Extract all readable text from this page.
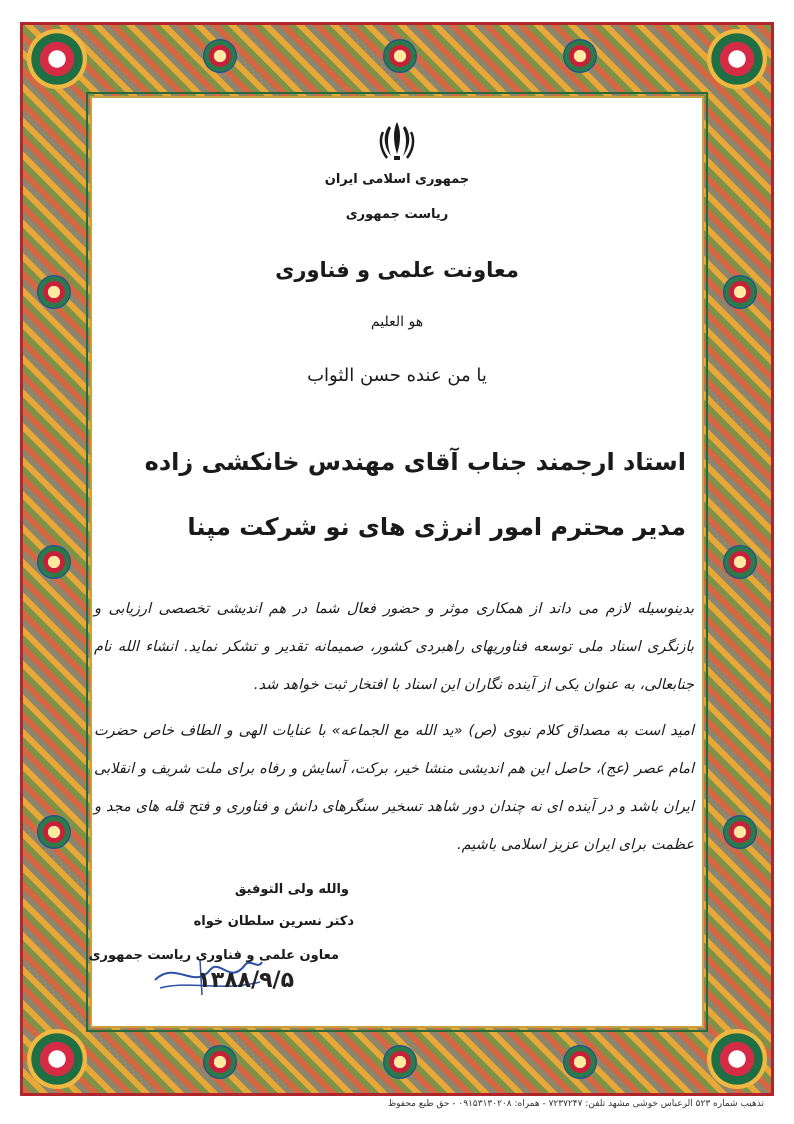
جمهوری اسلامی ایران
ریاست جمهوری
معاونت علمی و فناوری
هو العلیم
یا من عنده حسن الثواب
استاد ارجمند جناب آقای مهندس خانکشی زاده
مدیر محترم امور انرژی های نو شرکت مپنا

بدینوسیله لازم می داند از همکاری موثر و حضور فعال شما در هم اندیشی تخصصی ارزیابی و بازنگری اسناد ملی توسعه فناوریهای راهبردی کشور، صمیمانه تقدیر و تشکر نماید. انشاء الله نام جنابعالی، به عنوان یکی از آینده نگاران این اسناد با افتخار ثبت خواهد شد.

امید است به مصداق کلام نبوی (ص) «ید الله مع الجماعه» با عنایات الهی و الطاف خاص حضرت امام عصر (عج)، حاصل این هم اندیشی منشا خیر، برکت، آسایش و رفاه برای ملت شریف و انقلابی ایران باشد و در آینده ای نه چندان دور شاهد تسخیر سنگرهای دانش و فناوری و فتح قله های مجد و عظمت برای ایران عزیز اسلامی باشیم.

والله ولی التوفیق
دکتر نسرین سلطان خواه
معاون علمی و فناوری ریاست جمهوری
۱۳۸۸/۹/۵
تذهیب شماره ۵۲۳ الرعباس خوشی مشهد تلفن: ۷۲۳۷۲۴۷ - همراه: ۰۹۱۵۳۱۳۰۲۰۸ - حق طبع محفوظ
